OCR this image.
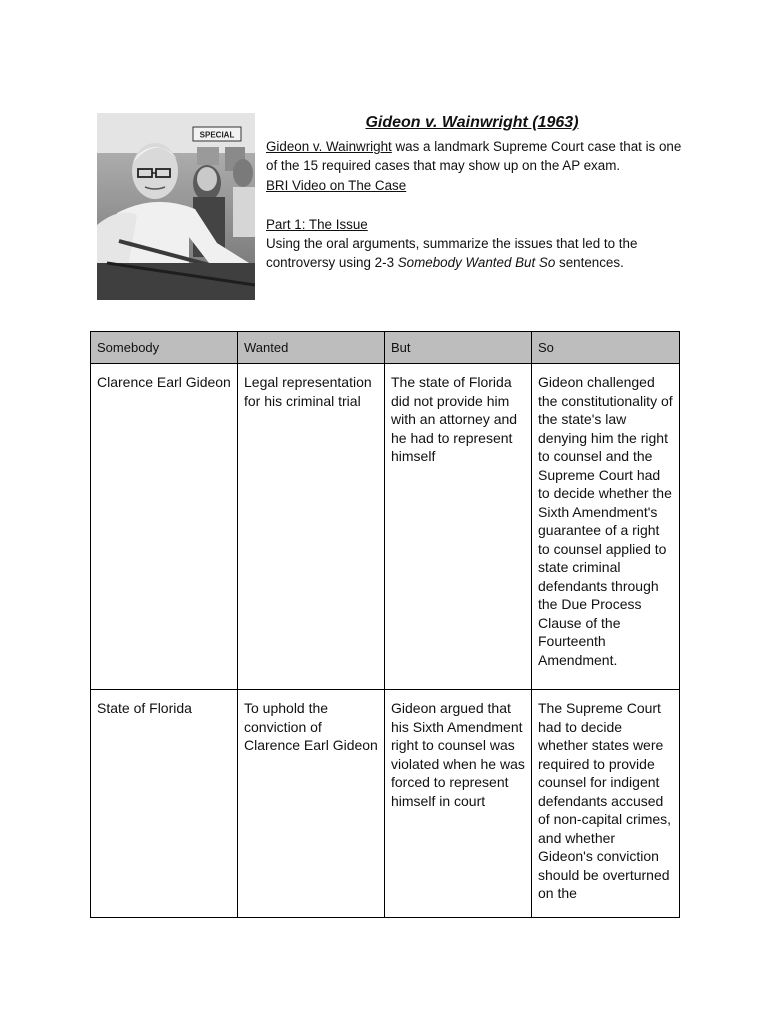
SPECIAL
Gideon v. Wainwright (1963)

Gideon v. Wainwright was a landmark Supreme Court case that is one of the 15 required cases that may show up on the AP exam.

BRI Video on The Case

Part 1: The Issue

Using the oral arguments, summarize the issues that led to the controversy using 2-3 Somebody Wanted But So sentences.

Somebody	Wanted	But	So
Clarence Earl Gideon	Legal representation for his criminal trial	The state of Florida did not provide him with an attorney and he had to represent himself	Gideon challenged the constitutionality of the state's law denying him the right to counsel and the Supreme Court had to decide whether the Sixth Amendment's guarantee of a right to counsel applied to state criminal defendants through the Due Process Clause of the Fourteenth Amendment.
State of Florida	To uphold the conviction of Clarence Earl Gideon	Gideon argued that his Sixth Amendment right to counsel was violated when he was forced to represent himself in court	The Supreme Court had to decide whether states were required to provide counsel for indigent defendants accused of non-capital crimes, and whether Gideon's conviction should be overturned on the
